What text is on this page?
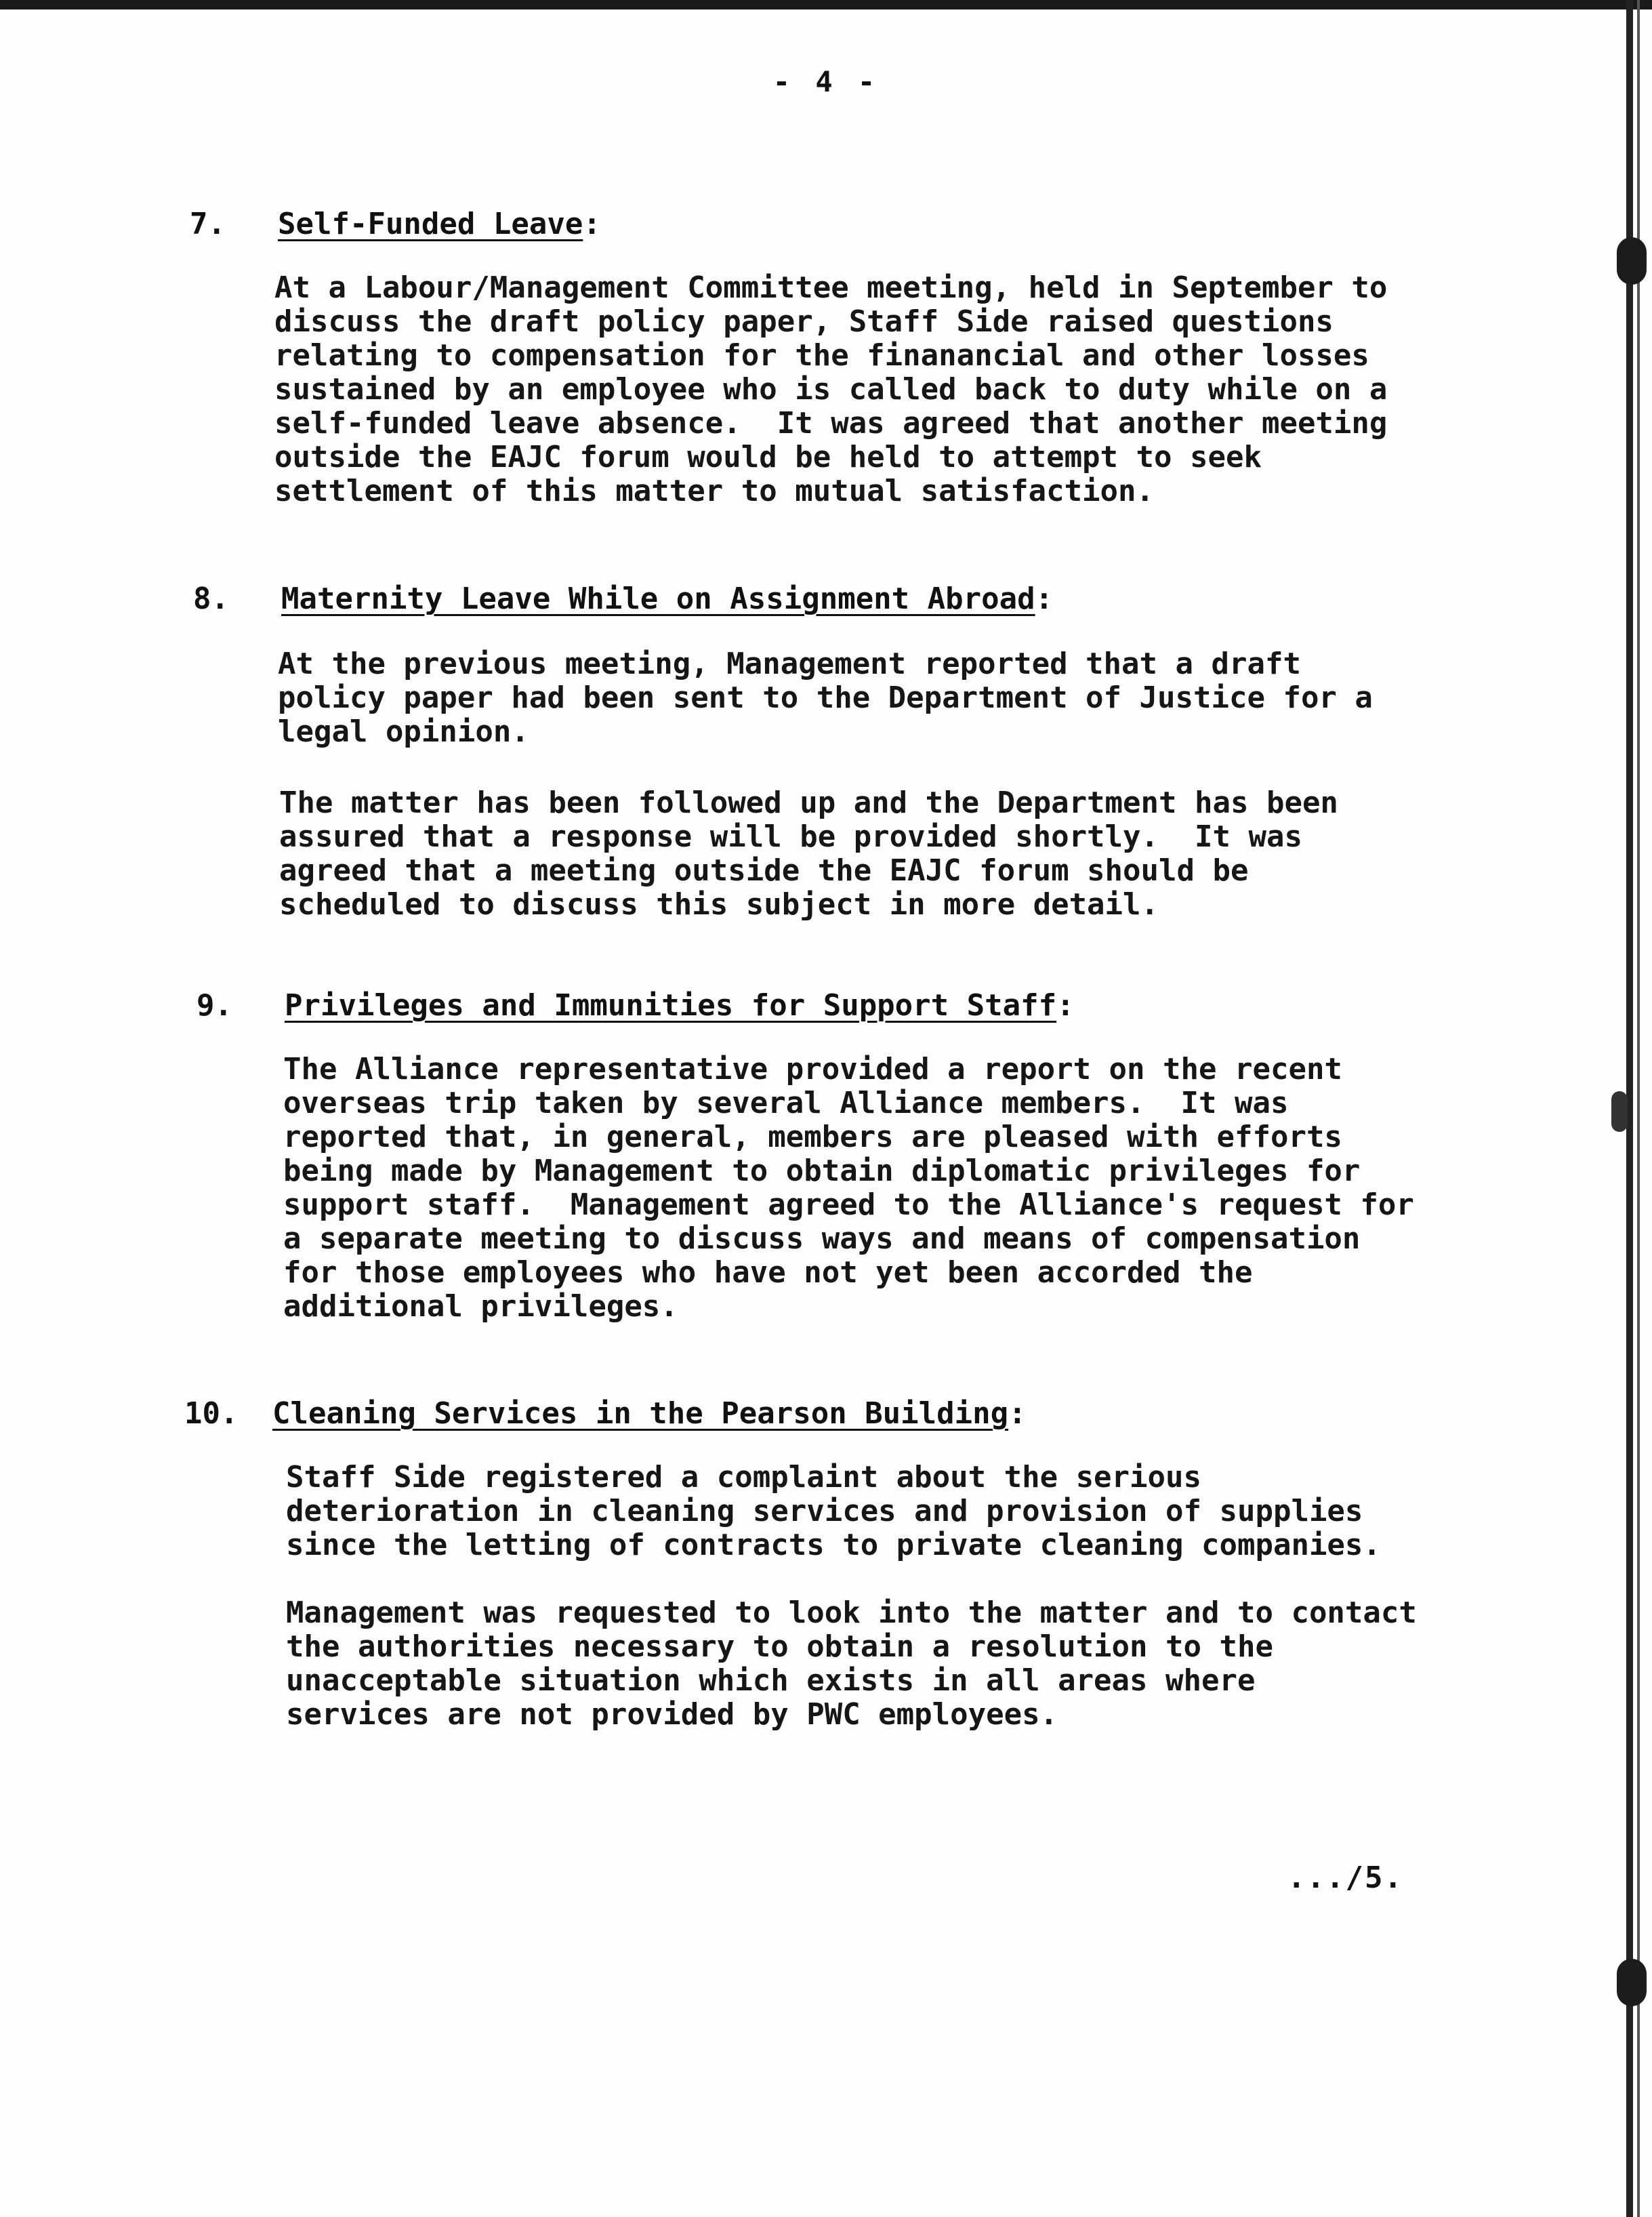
- 4 -
7. Self-Funded Leave:
At a Labour/Management Committee meeting, held in September to
discuss the draft policy paper, Staff Side raised questions
relating to compensation for the finanancial and other losses
sustained by an employee who is called back to duty while on a
self-funded leave absence.  It was agreed that another meeting
outside the EAJC forum would be held to attempt to seek
settlement of this matter to mutual satisfaction.
8. Maternity Leave While on Assignment Abroad:
At the previous meeting, Management reported that a draft
policy paper had been sent to the Department of Justice for a
legal opinion.
The matter has been followed up and the Department has been
assured that a response will be provided shortly.  It was
agreed that a meeting outside the EAJC forum should be
scheduled to discuss this subject in more detail.
9. Privileges and Immunities for Support Staff:
The Alliance representative provided a report on the recent
overseas trip taken by several Alliance members.  It was
reported that, in general, members are pleased with efforts
being made by Management to obtain diplomatic privileges for
support staff.  Management agreed to the Alliance's request for
a separate meeting to discuss ways and means of compensation
for those employees who have not yet been accorded the
additional privileges.
10. Cleaning Services in the Pearson Building:
Staff Side registered a complaint about the serious
deterioration in cleaning services and provision of supplies
since the letting of contracts to private cleaning companies.
Management was requested to look into the matter and to contact
the authorities necessary to obtain a resolution to the
unacceptable situation which exists in all areas where
services are not provided by PWC employees.
.../5.
